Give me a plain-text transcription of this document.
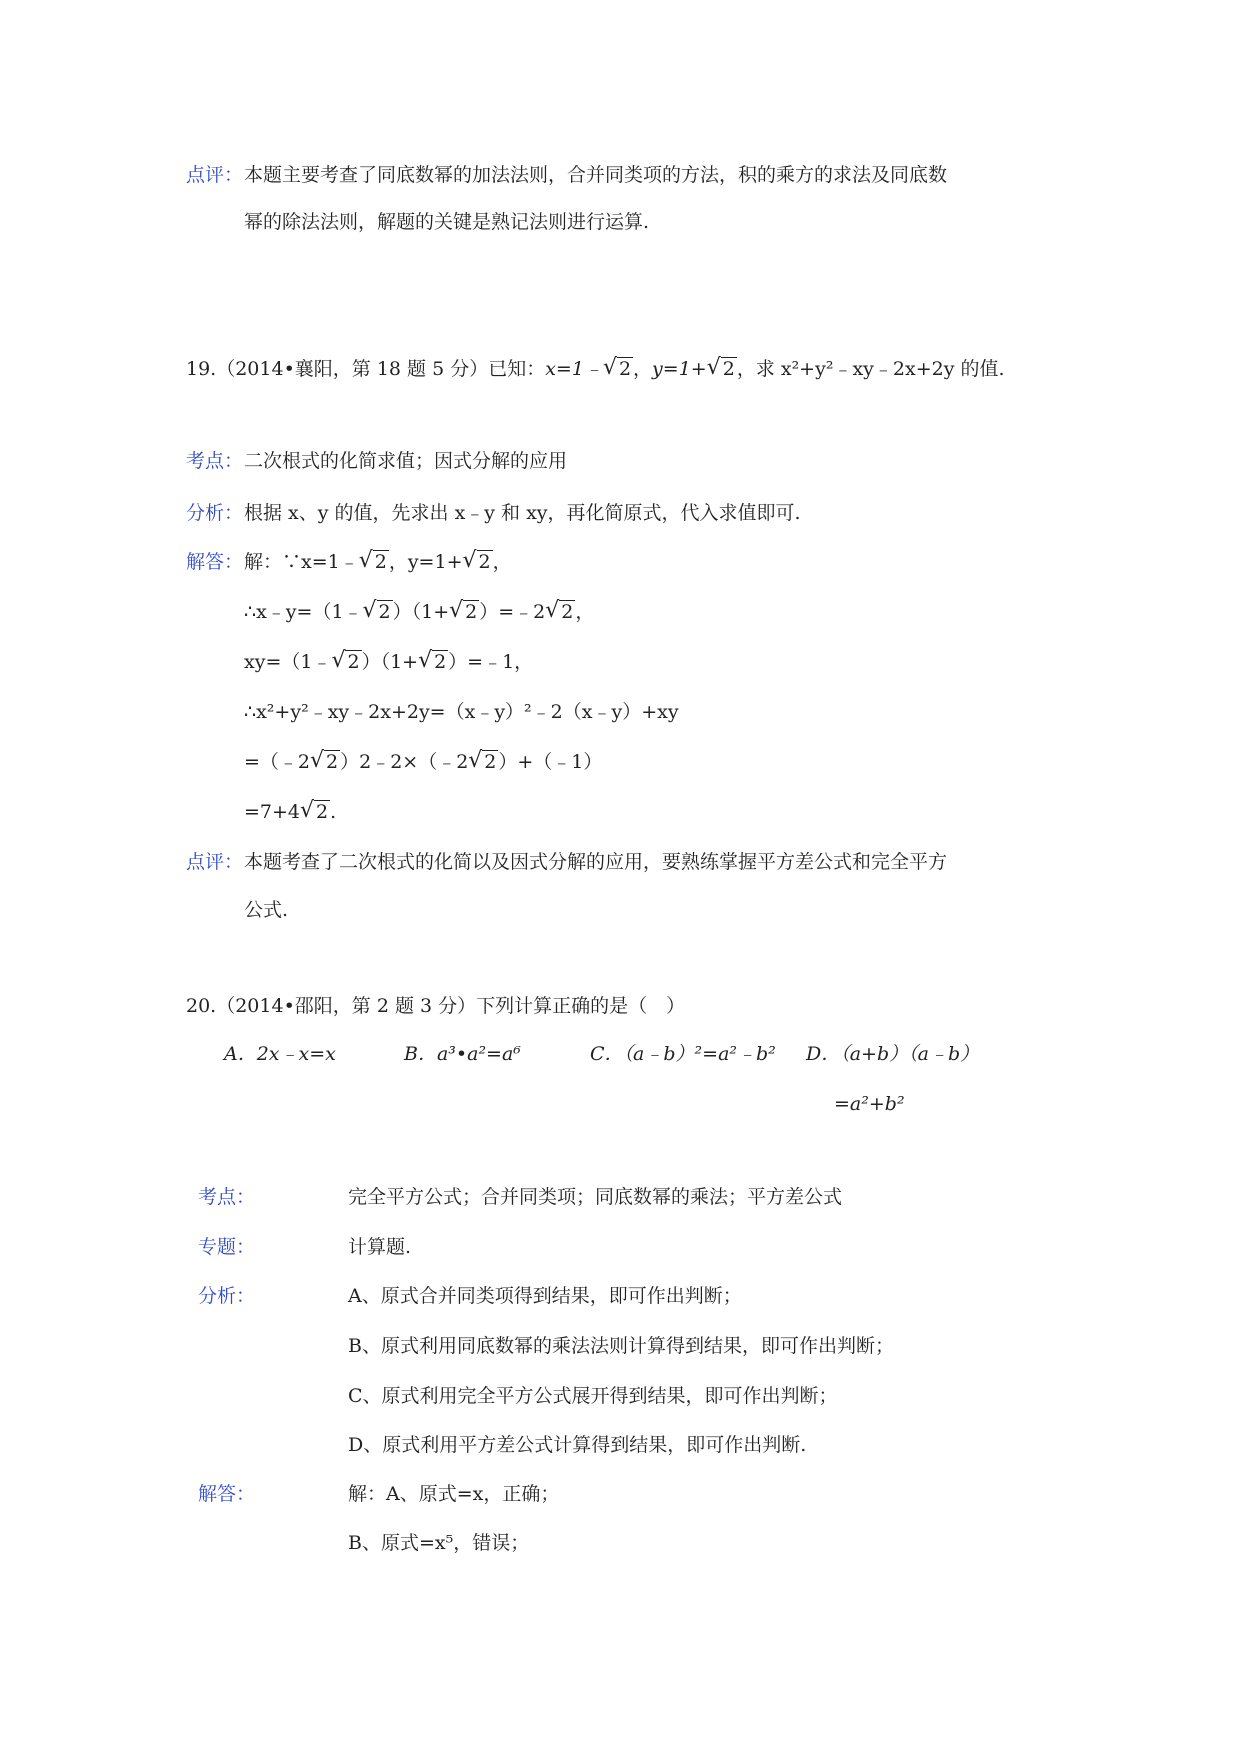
点评： 本题主要考查了同底数幂的加法法则，合并同类项的方法，积的乘方的求法及同底数
幂的除法法则，解题的关键是熟记法则进行运算.
19.（2014•襄阳，第 18 题 5 分）已知：x=1﹣ √ 2 ，y=1+ √ 2 ，求 x²+y²﹣xy﹣2x+2y 的值.
考点： 二次根式的化简求值；因式分解的应用
分析： 根据 x、y 的值，先求出 x﹣y 和 xy，再化简原式，代入求值即可.
解答： 解：∵x=1﹣ √ 2 ，y=1+ √ 2 ，
∴x﹣y=（1﹣ √ 2 ）（1+ √ 2 ）=﹣2 √ 2 ，
xy=（1﹣ √ 2 ）（1+ √ 2 ）=﹣1，
∴x²+y²﹣xy﹣2x+2y=（x﹣y）²﹣2（x﹣y）+xy
=（﹣2 √ 2 ）2﹣2×（﹣2 √ 2 ）+（﹣1）
=7+4 √ 2 .
点评： 本题考查了二次根式的化简以及因式分解的应用，要熟练掌握平方差公式和完全平方
公式.
20.（2014•邵阳，第 2 题 3 分）下列计算正确的是（　）
A．2x﹣x=x	B．a³•a²=a⁶	C．（a﹣b）²=a²﹣b² D．（a+b）（a﹣b）
=a²+b²
考点：	完全平方公式；合并同类项；同底数幂的乘法；平方差公式
专题：	计算题.
分析：	A、原式合并同类项得到结果，即可作出判断；
B、原式利用同底数幂的乘法法则计算得到结果，即可作出判断；
C、原式利用完全平方公式展开得到结果，即可作出判断；
D、原式利用平方差公式计算得到结果，即可作出判断.
解答：	解：A、原式=x，正确；
B、原式=x⁵，错误；
